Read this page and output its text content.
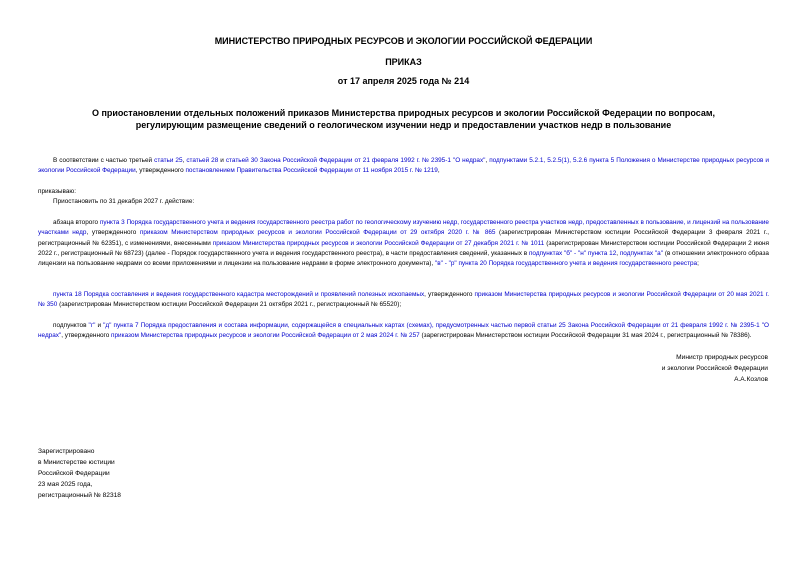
МИНИСТЕРСТВО ПРИРОДНЫХ РЕСУРСОВ И ЭКОЛОГИИ РОССИЙСКОЙ ФЕДЕРАЦИИ
ПРИКАЗ
от 17 апреля 2025 года № 214
О приостановлении отдельных положений приказов Министерства природных ресурсов и экологии Российской Федерации по вопросам, регулирующим размещение сведений о геологическом изучении недр и предоставлении участков недр в пользование
В соответствии с частью третьей статьи 25, статьей 28 и статьей 30 Закона Российской Федерации от 21 февраля 1992 г. № 2395-1 "О недрах", подпунктами 5.2.1, 5.2.5(1), 5.2.6 пункта 5 Положения о Министерстве природных ресурсов и экологии Российской Федерации, утвержденного постановлением Правительства Российской Федерации от 11 ноября 2015 г. № 1219,
приказываю:
Приостановить по 31 декабря 2027 г. действие:
абзаца второго пункта 3 Порядка государственного учета и ведения государственного реестра работ по геологическому изучению недр, государственного реестра участков недр, предоставленных в пользование, и лицензий на пользование участками недр, утвержденного приказом Министерством природных ресурсов и экологии Российской Федерации от 29 октября 2020 г. № 865 (зарегистрирован Министерством юстиции Российской Федерации 3 февраля 2021 г., регистрационный № 62351), с изменениями, внесенными приказом Министерства природных ресурсов и экологии Российской Федерации от 27 декабря 2021 г. № 1011 (зарегистрирован Министерством юстиции Российской Федерации 2 июня 2022 г., регистрационный № 68723) (далее - Порядок государственного учета и ведения государственного реестра), в части предоставления сведений, указанных в подпунктах "б" - "н" пункта 12, подпунктах "а" (в отношении электронного образа лицензии на пользование недрами со всеми приложениями и лицензии на пользование недрами в форме электронного документа), "в" - "р" пункта 20 Порядка государственного учета и ведения государственного реестра;
пункта 18 Порядка составления и ведения государственного кадастра месторождений и проявлений полезных ископаемых, утвержденного приказом Министерства природных ресурсов и экологии Российской Федерации от 20 мая 2021 г. № 350 (зарегистрирован Министерством юстиции Российской Федерации 21 октября 2021 г., регистрационный № 65520);
подпунктов "г" и "д" пункта 7 Порядка предоставления и состава информации, содержащейся в специальных картах (схемах), предусмотренных частью первой статьи 25 Закона Российской Федерации от 21 февраля 1992 г. № 2395-1 "О недрах", утвержденного приказом Министерства природных ресурсов и экологии Российской Федерации от 2 мая 2024 г. № 257 (зарегистрирован Министерством юстиции Российской Федерации 31 мая 2024 г., регистрационный № 78386).
Министр природных ресурсов
и экологии Российской Федерации
А.А.Козлов
Зарегистрировано
в Министерстве юстиции
Российской Федерации
23 мая 2025 года,
регистрационный № 82318
